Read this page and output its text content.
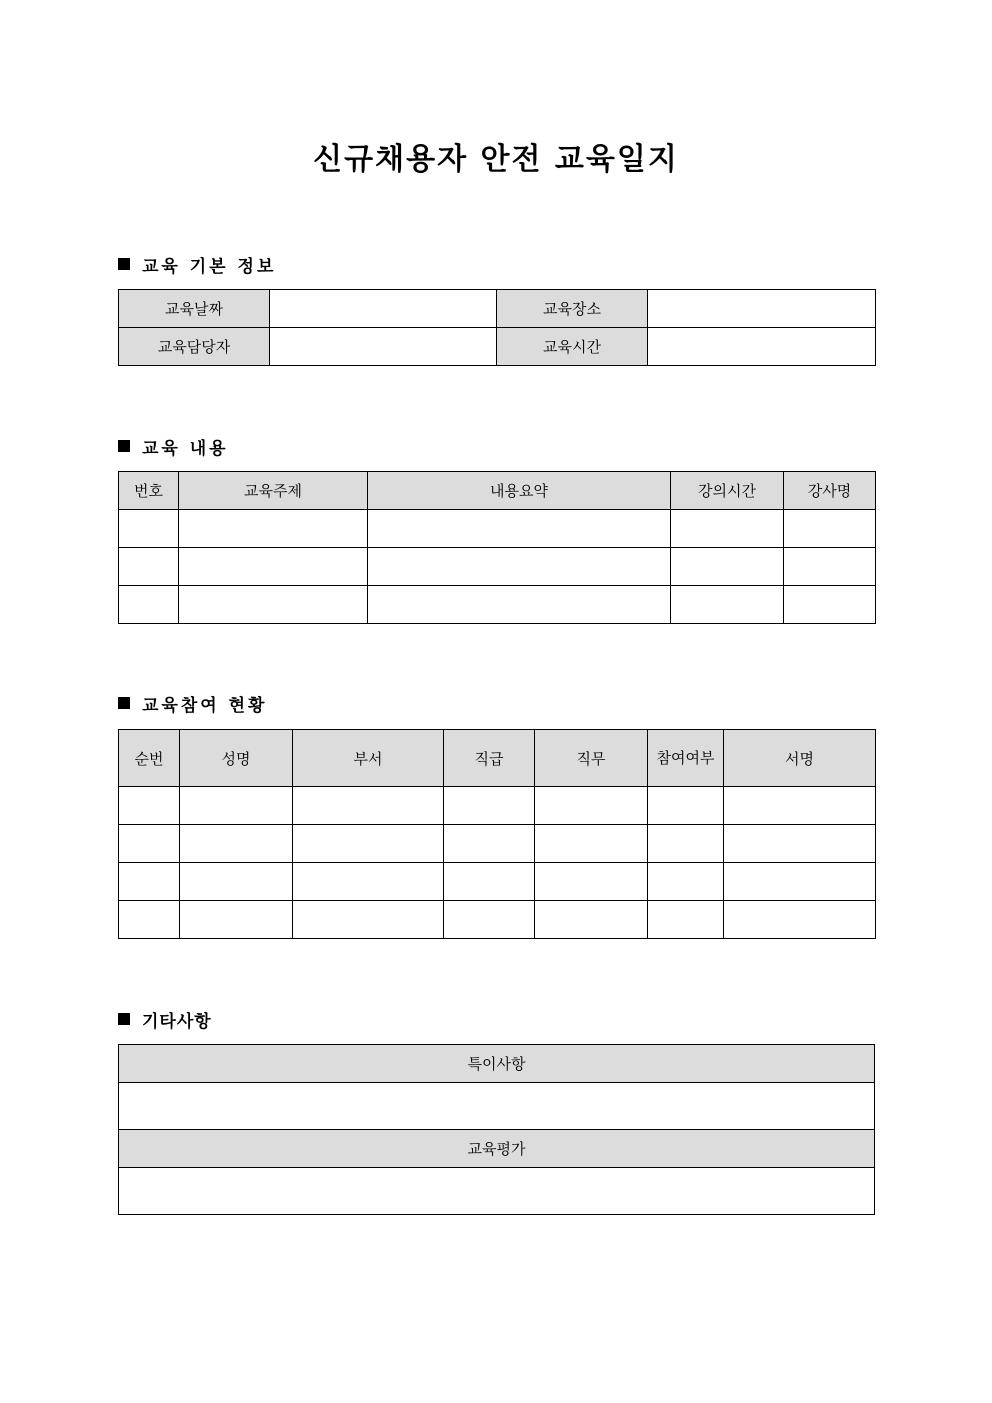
신규채용자 안전 교육일지
교육 기본 정보
교육날짜		교육장소	
교육담당자		교육시간	
교육 내용
번호	교육주제	내용요약	강의시간	강사명

교육참여 현황
순번	성명	부서	직급	직무	참여여부	서명

기타사항
특이사항

교육평가
